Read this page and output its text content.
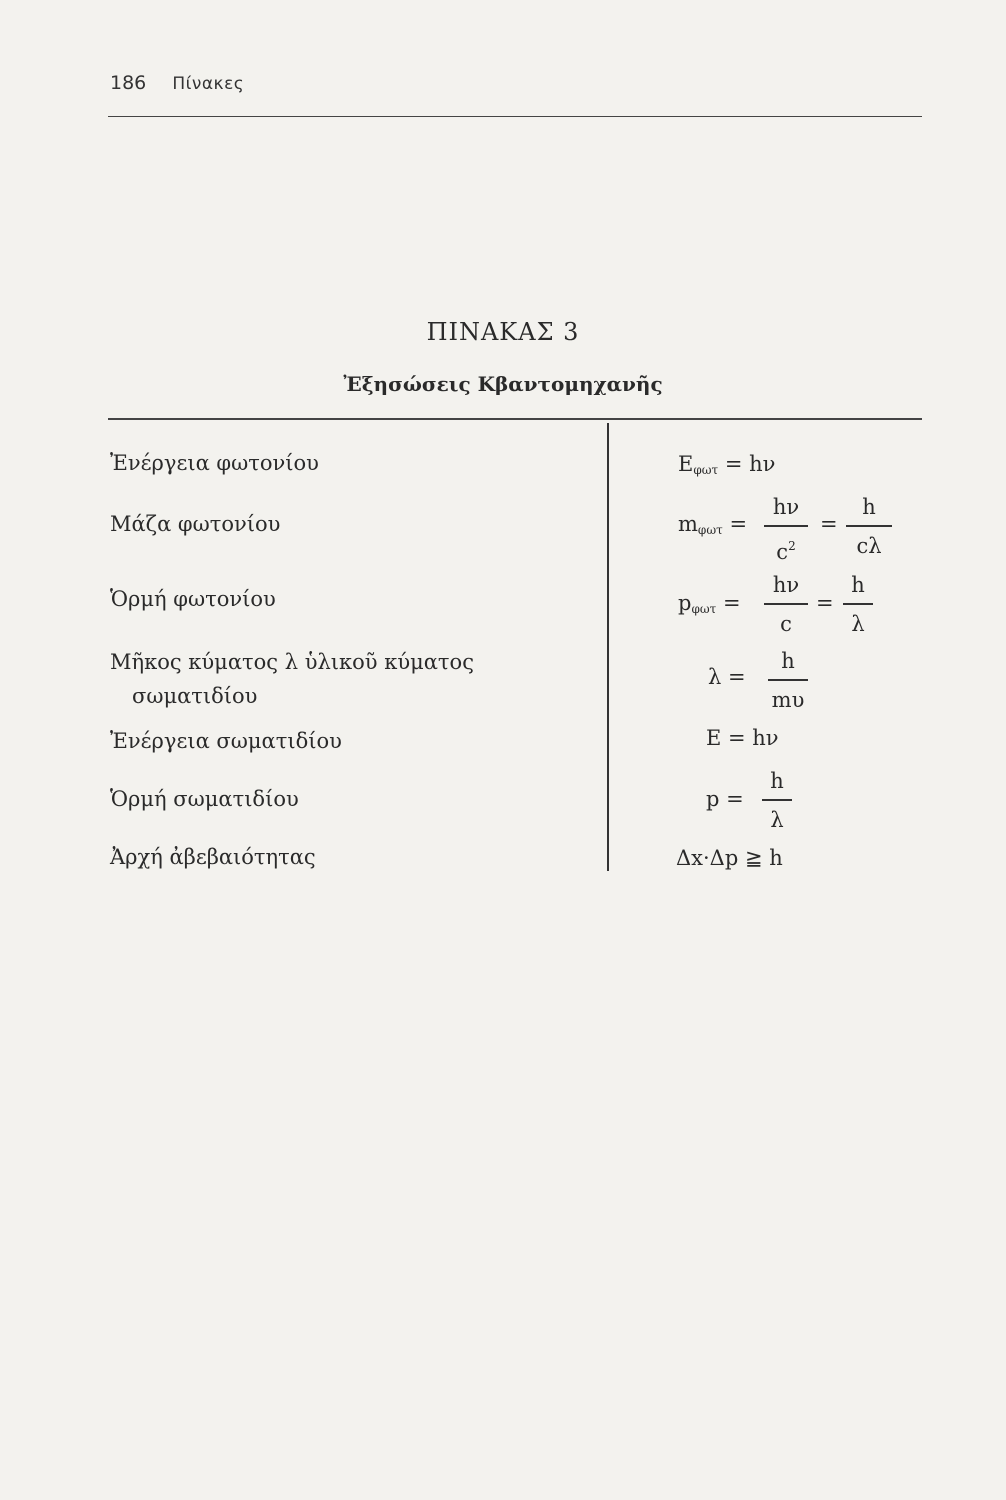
186 Πίνακες
ΠΙΝΑΚΑΣ 3
Ἐξησώσεις Κβαντομηχανῆς
Ἐνέργεια φωτονίου
Μάζα φωτονίου
Ὁρμή φωτονίου
Μῆκος κύματος λ ὑλικοῦ κύματος
σωματιδίου
Ἐνέργεια σωματιδίου
Ὁρμή σωματιδίου
Ἀρχή ἀβεβαιότητας
$E_{\varphi\omega\tau} = h\nu$
$m_{\varphi\omega\tau}$ =
hν
$c^2$
=
h
cλ
$p_{\varphi\omega\tau}$ =
hν
c
=
h
λ
λ =
h
mυ
E = hν
p =
h
λ
Δx·Δp ≧ h
